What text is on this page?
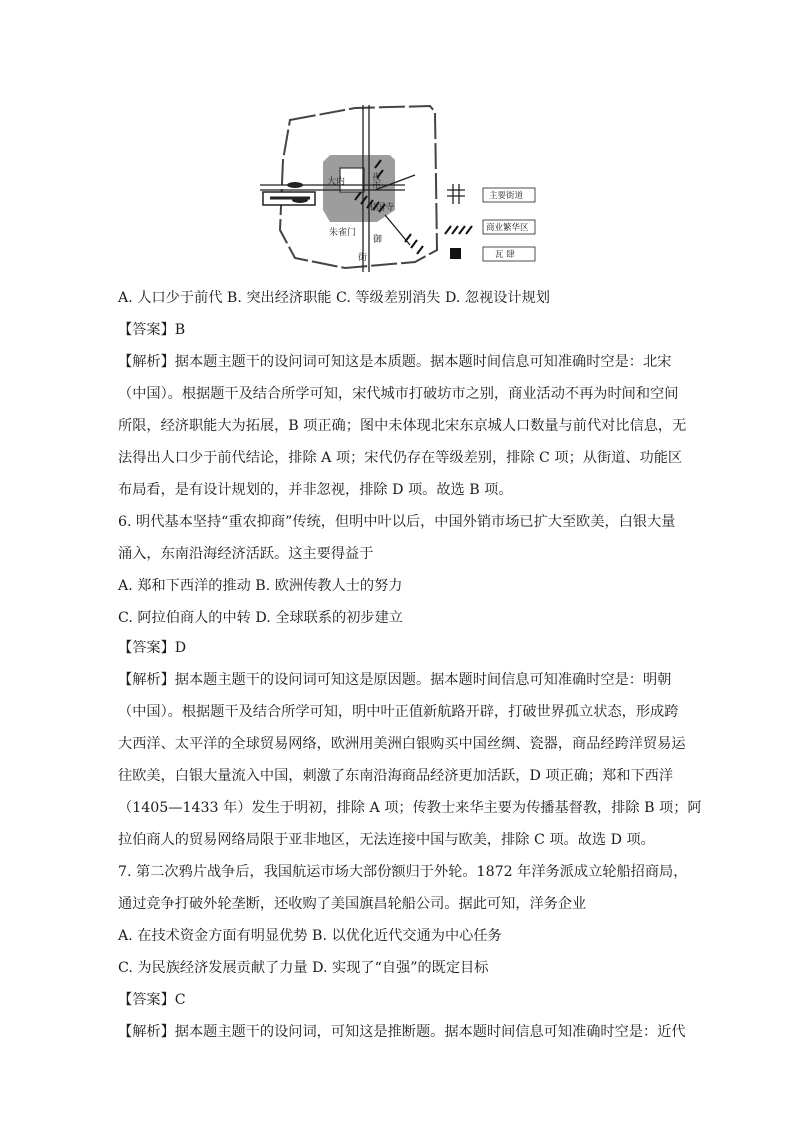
大内	夜市
相国寺
朱雀门
御
街
主要街道
商业繁华区
瓦 肆
A. 人口少于前代 B. 突出经济职能 C. 等级差别消失 D. 忽视设计规划
【答案】B
【解析】据本题主题干的设问词可知这是本质题。据本题时间信息可知准确时空是：北宋
（中国）。根据题干及结合所学可知，宋代城市打破坊市之别，商业活动不再为时间和空间
所限，经济职能大为拓展，B 项正确；图中未体现北宋东京城人口数量与前代对比信息，无
法得出人口少于前代结论，排除 A 项；宋代仍存在等级差别，排除 C 项；从街道、功能区
布局看，是有设计规划的，并非忽视，排除 D 项。故选 B 项。
6. 明代基本坚持“重农抑商”传统，但明中叶以后，中国外销市场已扩大至欧美，白银大量
涌入，东南沿海经济活跃。这主要得益于
A. 郑和下西洋的推动 B. 欧洲传教人士的努力
C. 阿拉伯商人的中转 D. 全球联系的初步建立
【答案】D
【解析】据本题主题干的设问词可知这是原因题。据本题时间信息可知准确时空是：明朝
（中国）。根据题干及结合所学可知，明中叶正值新航路开辟，打破世界孤立状态，形成跨
大西洋、太平洋的全球贸易网络，欧洲用美洲白银购买中国丝绸、瓷器，商品经跨洋贸易运
往欧美，白银大量流入中国，刺激了东南沿海商品经济更加活跃，D 项正确；郑和下西洋
（1405—1433 年）发生于明初，排除 A 项；传教士来华主要为传播基督教，排除 B 项；阿
拉伯商人的贸易网络局限于亚非地区，无法连接中国与欧美，排除 C 项。故选 D 项。
7. 第二次鸦片战争后，我国航运市场大部份额归于外轮。1872 年洋务派成立轮船招商局，
通过竞争打破外轮垄断，还收购了美国旗昌轮船公司。据此可知，洋务企业
A. 在技术资金方面有明显优势 B. 以优化近代交通为中心任务
C. 为民族经济发展贡献了力量 D. 实现了“自强”的既定目标
【答案】C
【解析】据本题主题干的设问词，可知这是推断题。据本题时间信息可知准确时空是：近代
